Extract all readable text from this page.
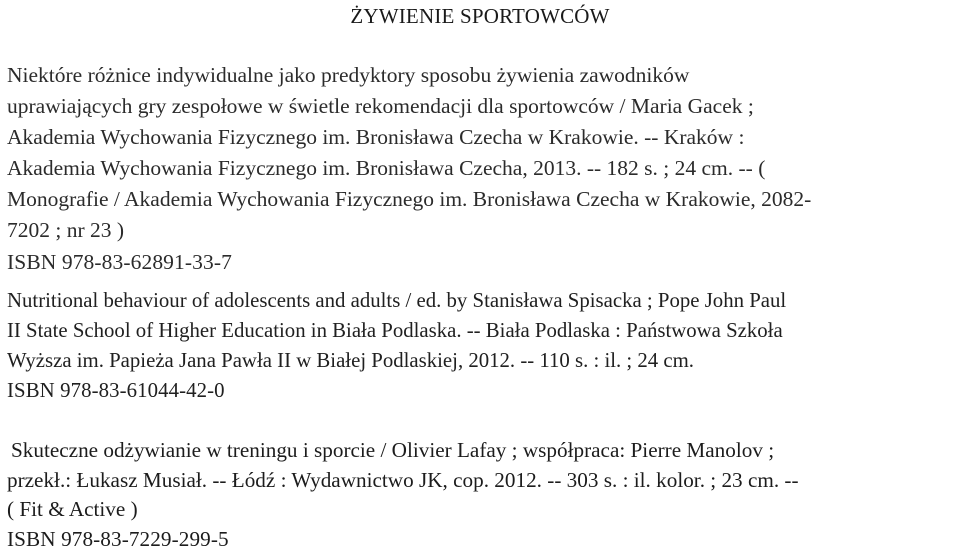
ŻYWIENIE SPORTOWCÓW
Niektóre różnice indywidualne jako predyktory sposobu żywienia zawodników
uprawiających gry zespołowe w świetle rekomendacji dla sportowców / Maria Gacek ;
Akademia Wychowania Fizycznego im. Bronisława Czecha w Krakowie. -- Kraków :
Akademia Wychowania Fizycznego im. Bronisława Czecha, 2013. -- 182 s. ; 24 cm. -- (
Monografie / Akademia Wychowania Fizycznego im. Bronisława Czecha w Krakowie, 2082-
7202 ; nr 23 )
ISBN 978-83-62891-33-7
Nutritional behaviour of adolescents and adults / ed. by Stanisława Spisacka ; Pope John Paul
II State School of Higher Education in Biała Podlaska. -- Biała Podlaska : Państwowa Szkoła
Wyższa im. Papieża Jana Pawła II w Białej Podlaskiej, 2012. -- 110 s. : il. ; 24 cm.
ISBN 978-83-61044-42-0
Skuteczne odżywianie w treningu i sporcie / Olivier Lafay ; współpraca: Pierre Manolov ;
przekł.: Łukasz Musiał. -- Łódź : Wydawnictwo JK, cop. 2012. -- 303 s. : il. kolor. ; 23 cm. --
( Fit & Active )
ISBN 978-83-7229-299-5
